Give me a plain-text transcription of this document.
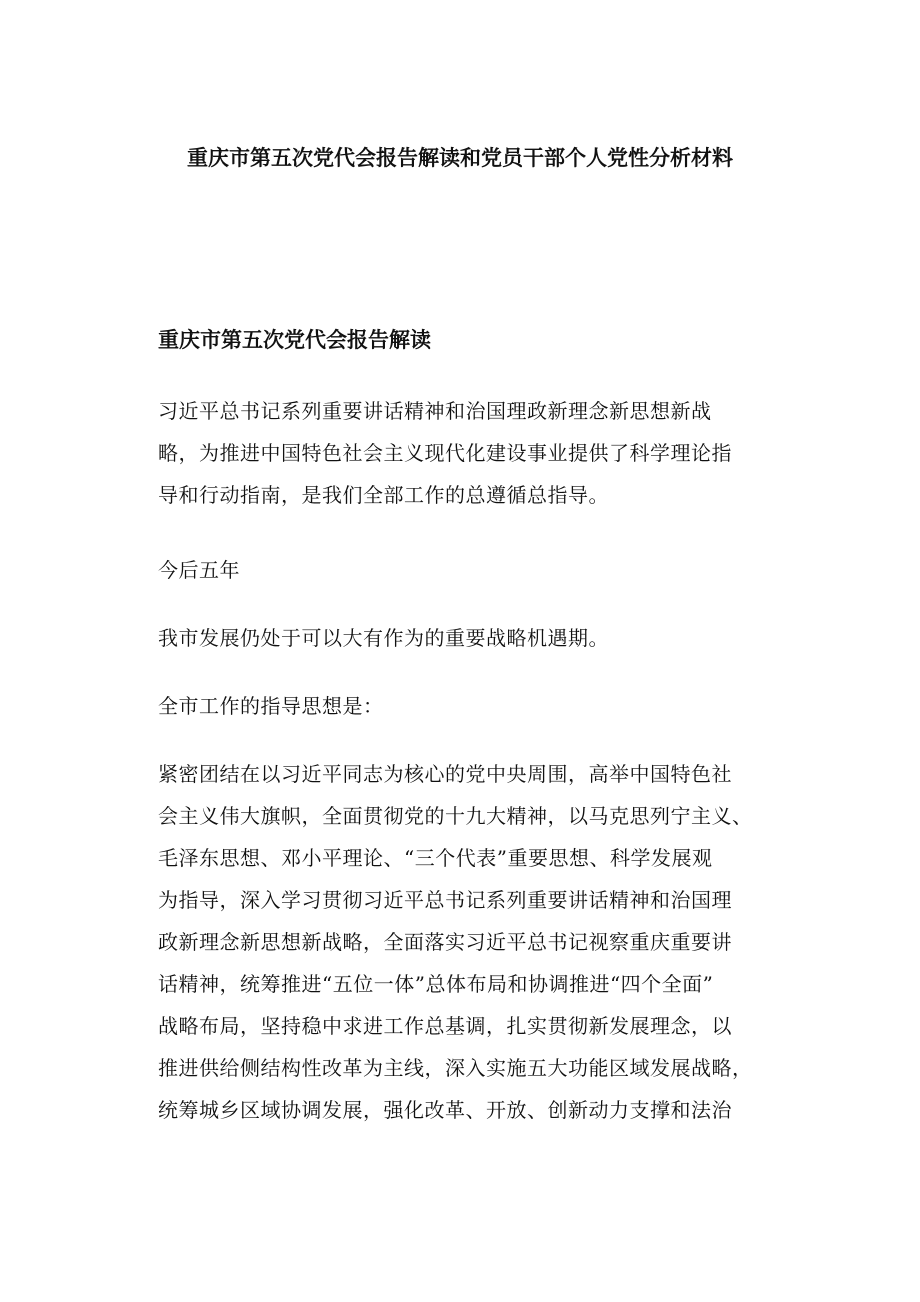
重庆市第五次党代会报告解读和党员干部个人党性分析材料
重庆市第五次党代会报告解读

习近平总书记系列重要讲话精神和治国理政新理念新思想新战
略，为推进中国特色社会主义现代化建设事业提供了科学理论指
导和行动指南，是我们全部工作的总遵循总指导。

今后五年

我市发展仍处于可以大有作为的重要战略机遇期。

全市工作的指导思想是：

紧密团结在以习近平同志为核心的党中央周围，高举中国特色社
会主义伟大旗帜，全面贯彻党的十九大精神，以马克思列宁主义、
毛泽东思想、邓小平理论、“三个代表”重要思想、科学发展观
为指导，深入学习贯彻习近平总书记系列重要讲话精神和治国理
政新理念新思想新战略，全面落实习近平总书记视察重庆重要讲
话精神，统筹推进“五位一体”总体布局和协调推进“四个全面”
战略布局，坚持稳中求进工作总基调，扎实贯彻新发展理念，以
推进供给侧结构性改革为主线，深入实施五大功能区域发展战略，
统筹城乡区域协调发展，强化改革、开放、创新动力支撑和法治
